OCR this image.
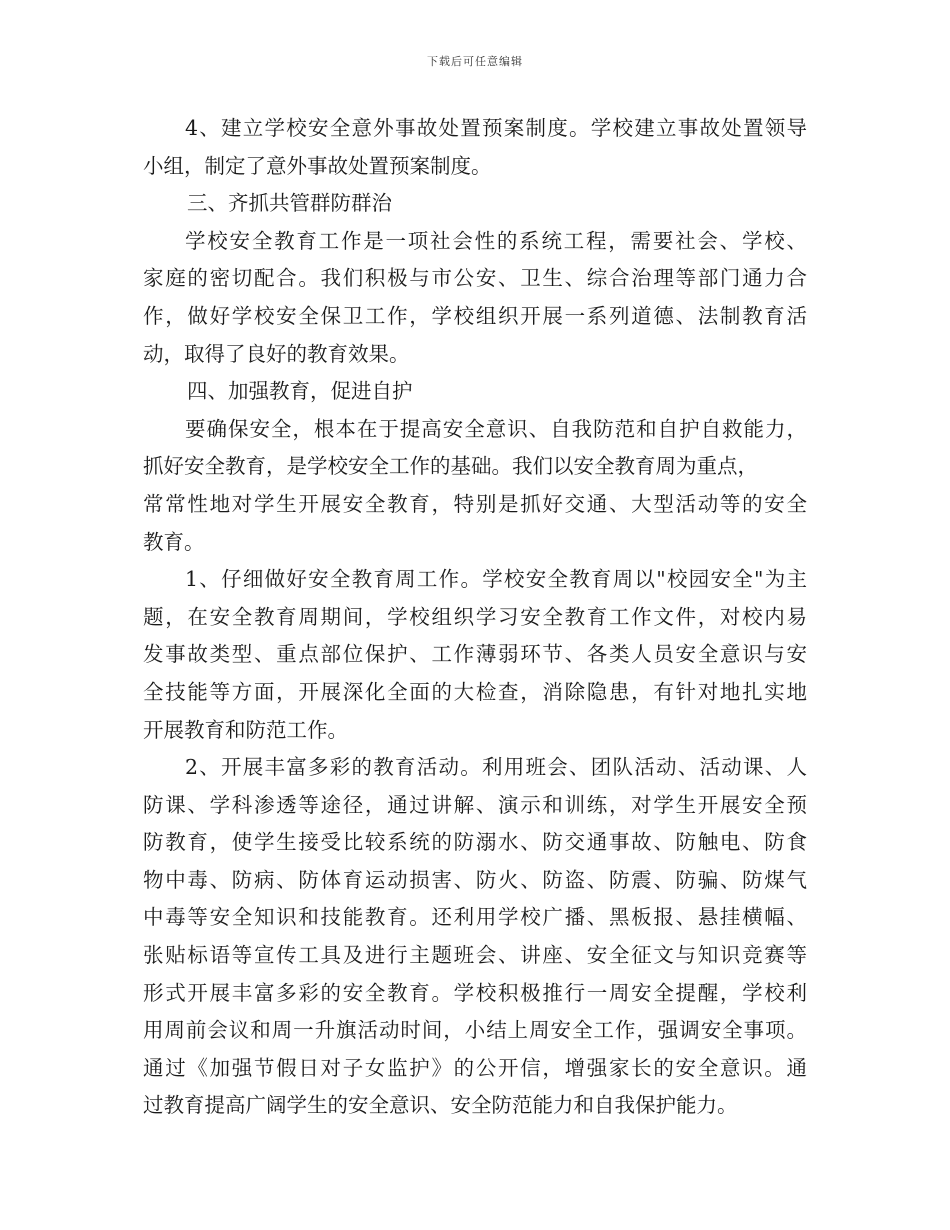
下载后可任意编辑
4、建立学校安全意外事故处置预案制度。学校建立事故处置领导
小组，制定了意外事故处置预案制度。
三、齐抓共管群防群治
学校安全教育工作是一项社会性的系统工程，需要社会、学校、
家庭的密切配合。我们积极与市公安、卫生、综合治理等部门通力合
作，做好学校安全保卫工作，学校组织开展一系列道德、法制教育活
动，取得了良好的教育效果。
四、加强教育，促进自护
要确保安全，根本在于提高安全意识、自我防范和自护自救能力，
抓好安全教育，是学校安全工作的基础。我们以安全教育周为重点，
常常性地对学生开展安全教育，特别是抓好交通、大型活动等的安全
教育。
1、仔细做好安全教育周工作。学校安全教育周以"校园安全"为主
题，在安全教育周期间，学校组织学习安全教育工作文件，对校内易
发事故类型、重点部位保护、工作薄弱环节、各类人员安全意识与安
全技能等方面，开展深化全面的大检查，消除隐患，有针对地扎实地
开展教育和防范工作。
2、开展丰富多彩的教育活动。利用班会、团队活动、活动课、人
防课、学科渗透等途径，通过讲解、演示和训练，对学生开展安全预
防教育，使学生接受比较系统的防溺水、防交通事故、防触电、防食
物中毒、防病、防体育运动损害、防火、防盗、防震、防骗、防煤气
中毒等安全知识和技能教育。还利用学校广播、黑板报、悬挂横幅、
张贴标语等宣传工具及进行主题班会、讲座、安全征文与知识竞赛等
形式开展丰富多彩的安全教育。学校积极推行一周安全提醒，学校利
用周前会议和周一升旗活动时间，小结上周安全工作，强调安全事项。
通过《加强节假日对子女监护》的公开信，增强家长的安全意识。通
过教育提高广阔学生的安全意识、安全防范能力和自我保护能力。
